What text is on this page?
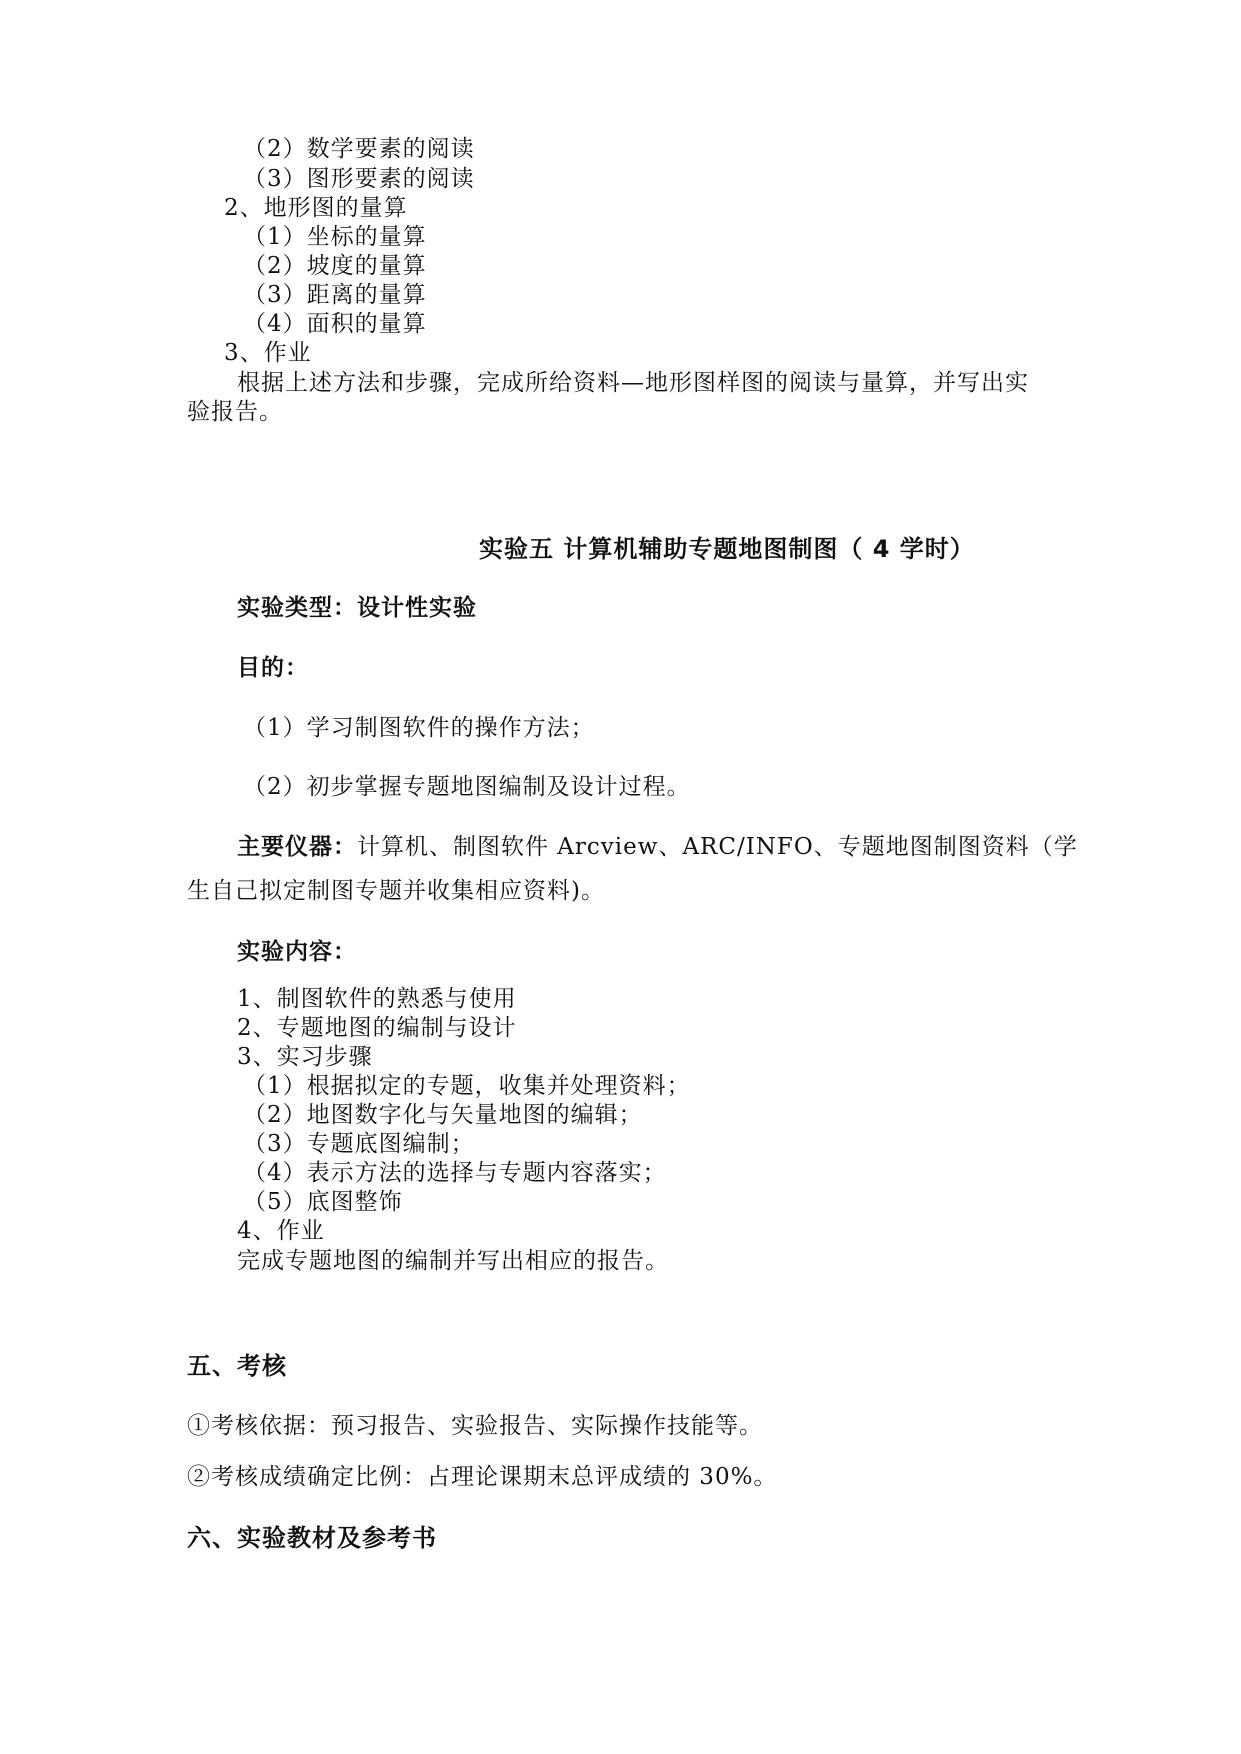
（2）数学要素的阅读
（3）图形要素的阅读
2、地形图的量算
（1）坐标的量算
（2）坡度的量算
（3）距离的量算
（4）面积的量算
3、作业
根据上述方法和步骤，完成所给资料—地形图样图的阅读与量算，并写出实
验报告。
实验五 计算机辅助专题地图制图（ 4 学时）
实验类型：设计性实验
目的：
（1）学习制图软件的操作方法；
（2）初步掌握专题地图编制及设计过程。
主要仪器：计算机、制图软件 Arcview、ARC/INFO、专题地图制图资料（学
生自己拟定制图专题并收集相应资料)。
实验内容：
1、制图软件的熟悉与使用
2、专题地图的编制与设计
3、实习步骤
（1）根据拟定的专题，收集并处理资料；
（2）地图数字化与矢量地图的编辑；
（3）专题底图编制；
（4）表示方法的选择与专题内容落实；
（5）底图整饰
4、作业
完成专题地图的编制并写出相应的报告。
五、考核
①考核依据：预习报告、实验报告、实际操作技能等。
②考核成绩确定比例：占理论课期末总评成绩的 30%。
六、实验教材及参考书
